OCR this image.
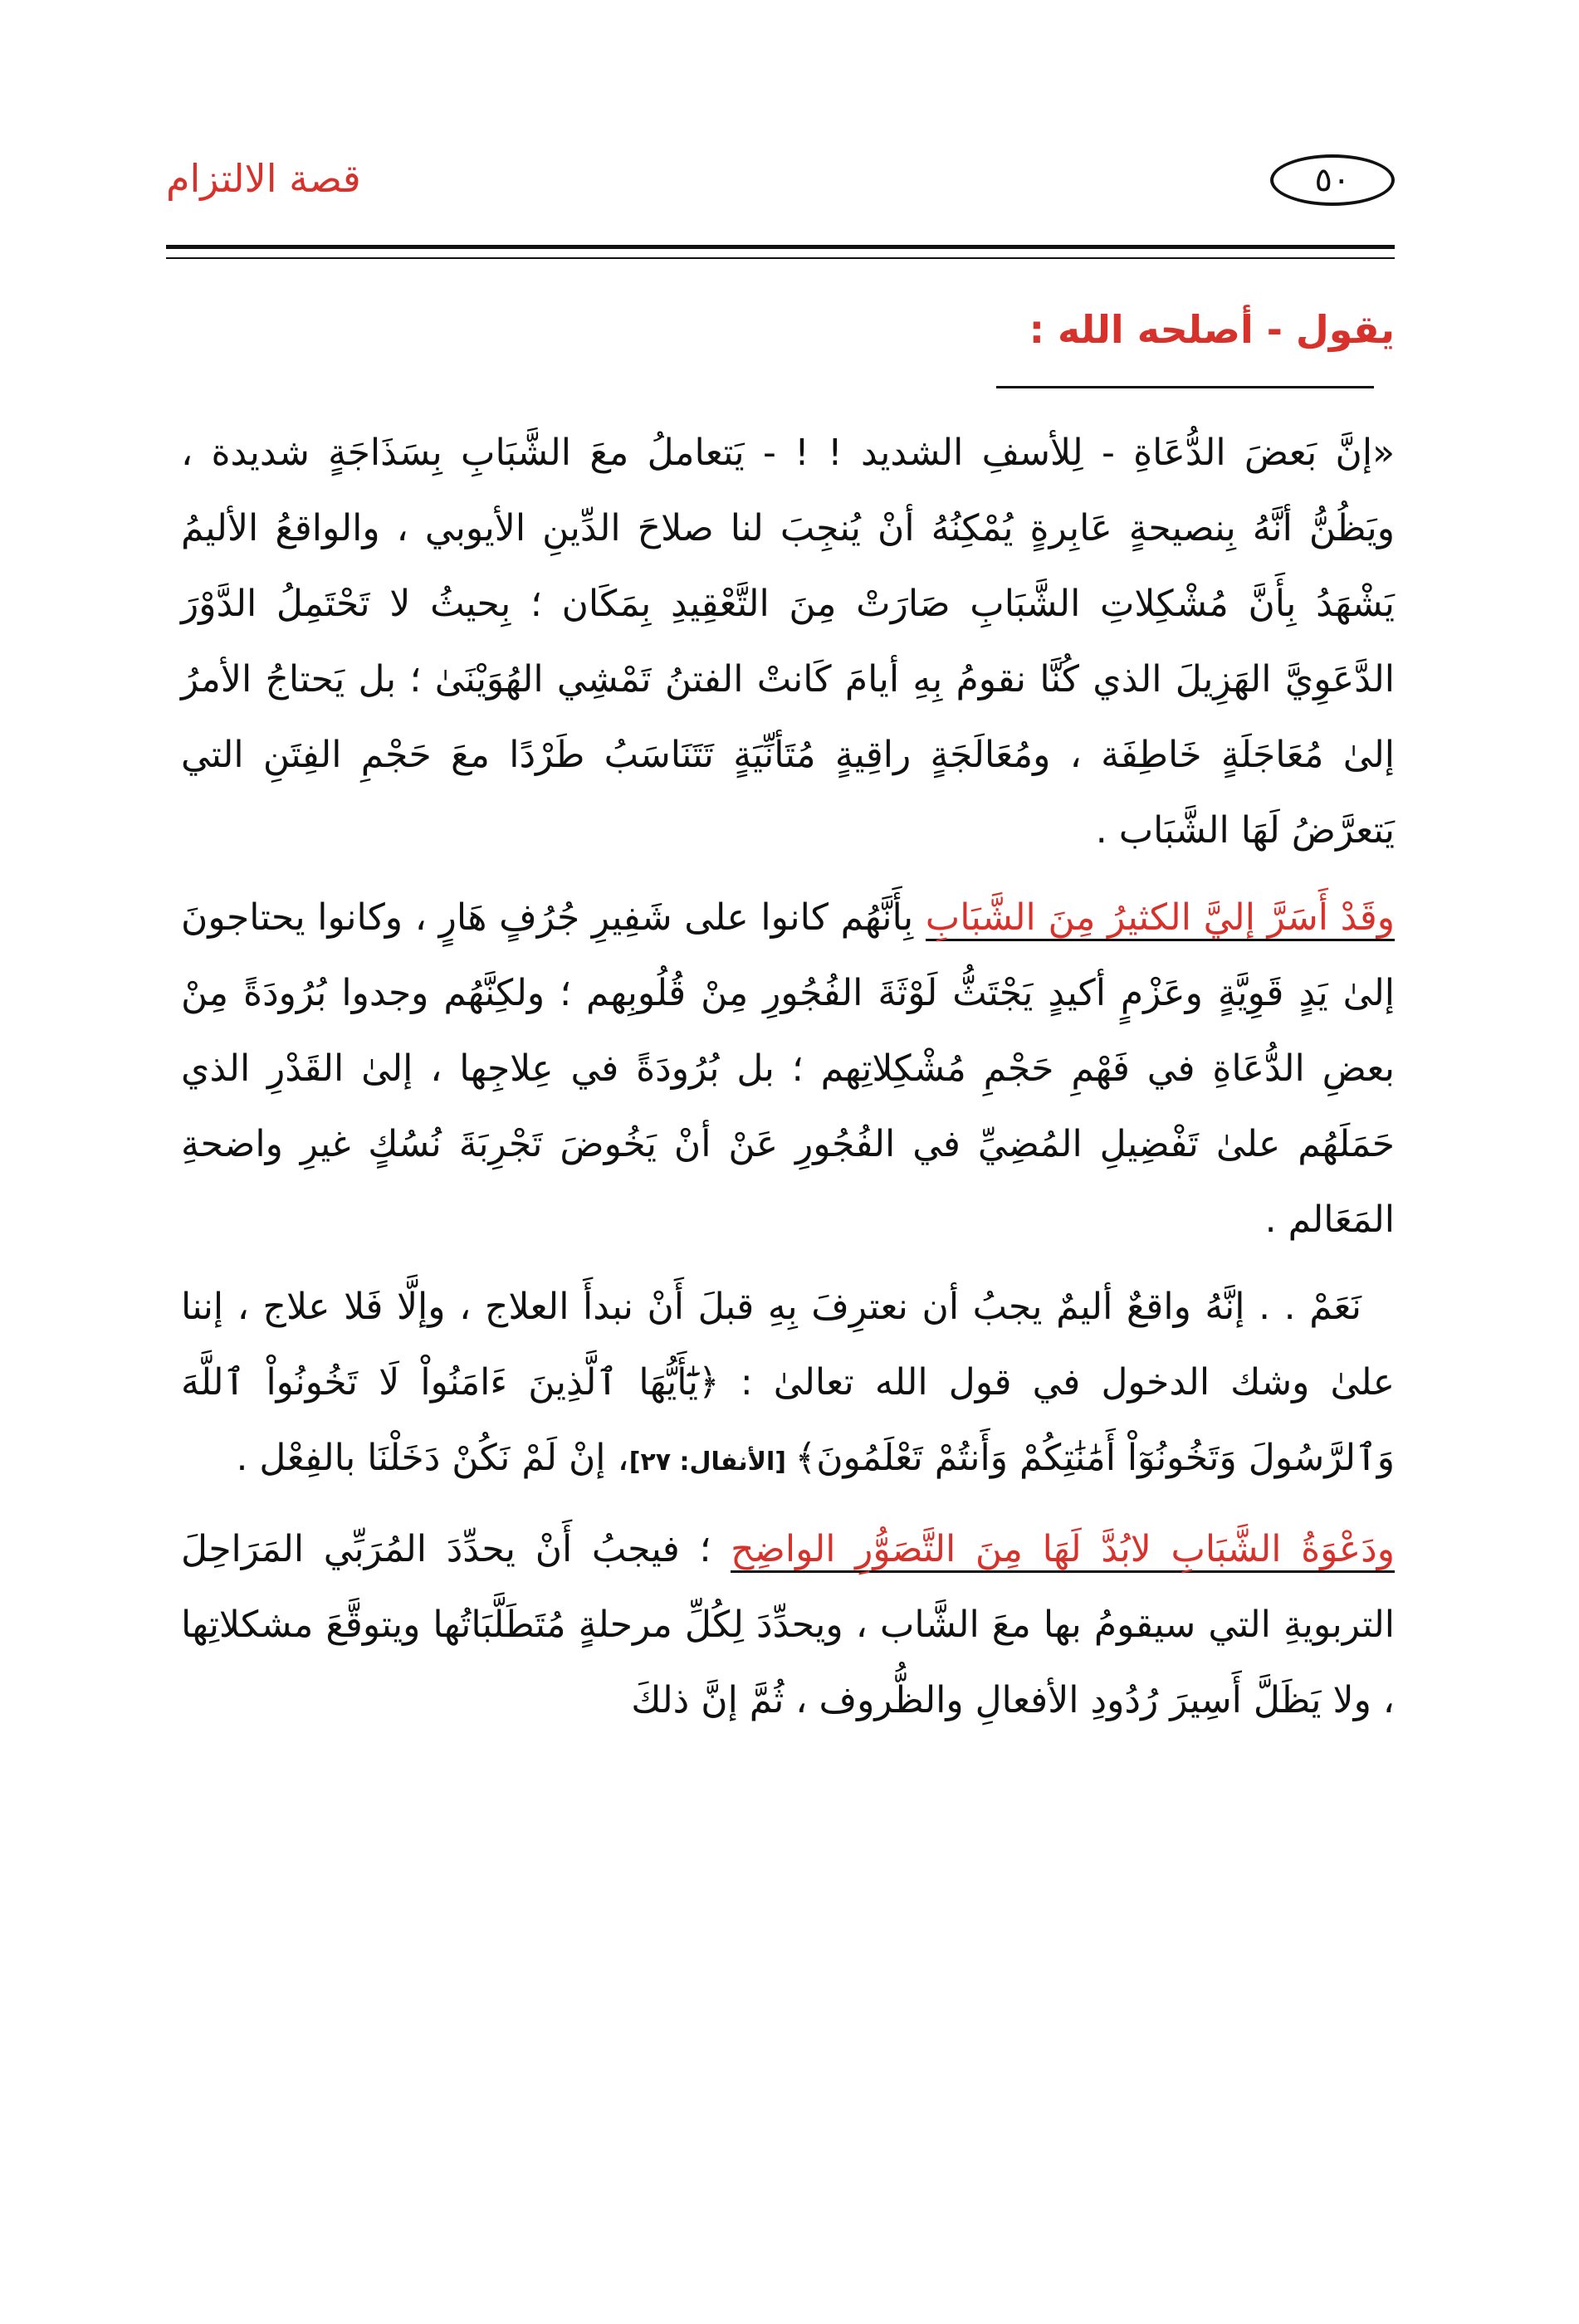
قصة الالتزام	٥٠
يقول - أصلحه الله :

«إنَّ بَعضَ الدُّعَاةِ - لِلأسفِ الشديد ! ! - يَتعاملُ معَ الشَّبَابِ بِسَذَاجَةٍ شديدة ، ويَظُنُّ أنَّهُ بِنصيحةٍ عَابِرةٍ يُمْكِنُهُ أنْ يُنجِبَ لنا صلاحَ الدِّينِ الأيوبي ، والواقعُ الأليمُ يَشْهَدُ بِأَنَّ مُشْكِلاتِ الشَّبَابِ صَارَتْ مِنَ التَّعْقِيدِ بِمَكَان ؛ بِحيثُ لا تَحْتَمِلُ الدَّوْرَ الدَّعَوِيَّ الهَزِيلَ الذي كُنَّا نقومُ بِهِ أيامَ كَانتْ الفتنُ تَمْشِي الهُوَيْنَىٰ ؛ بل يَحتاجُ الأمرُ إلىٰ مُعَاجَلَةٍ خَاطِفَة ، ومُعَالَجَةٍ راقِيةٍ مُتَأنِّيَةٍ تَتَنَاسَبُ طَرْدًا معَ حَجْمِ الفِتَنِ التي يَتعرَّضُ لَهَا الشَّبَاب .

وقَدْ أَسَرَّ إليَّ الكثيرُ مِنَ الشَّبَابِ بِأَنَّهُم كانوا على شَفِيرِ جُرُفٍ هَارٍ ، وكانوا يحتاجونَ إلىٰ يَدٍ قَوِيَّةٍ وعَزْمٍ أكيدٍ يَجْتَثُّ لَوْثَةَ الفُجُورِ مِنْ قُلُوبِهم ؛ ولكِنَّهُم وجدوا بُرُودَةً مِنْ بعضِ الدُّعَاةِ في فَهْمِ حَجْمِ مُشْكِلاتِهم ؛ بل بُرُودَةً في عِلاجِها ، إلىٰ القَدْرِ الذي حَمَلَهُم علىٰ تَفْضِيلِ المُضِيِّ في الفُجُورِ عَنْ أنْ يَخُوضَ تَجْرِبَةَ نُسُكٍ غيرِ واضحةِ المَعَالم .

نَعَمْ . . إنَّهُ واقعٌ أليمٌ يجبُ أن نعترِفَ بِهِ قبلَ أَنْ نبدأَ العلاج ، وإلَّا فَلا علاج ، إننا علىٰ وشك الدخول في قول الله تعالىٰ : ﴿يَٰٓأَيُّهَا ٱلَّذِينَ ءَامَنُواْ لَا تَخُونُواْ ٱللَّهَ وَٱلرَّسُولَ وَتَخُونُوٓاْ أَمَٰنَٰتِكُمْ وَأَنتُمْ تَعْلَمُونَ﴾ [الأنفال: ٢٧]، إنْ لَمْ نَكُنْ دَخَلْنَا بالفِعْل .

ودَعْوَةُ الشَّبَابِ لابُدَّ لَهَا مِنَ التَّصَوُّرِ الواضِح ؛ فيجبُ أَنْ يحدِّدَ المُرَبِّي المَرَاحِلَ التربويةِ التي سيقومُ بها معَ الشَّاب ، ويحدِّدَ لِكُلِّ مرحلةٍ مُتَطَلَّبَاتُها ويتوقَّعَ مشكلاتِها ، ولا يَظَلَّ أَسِيرَ رُدُودِ الأفعالِ والظُّروف ، ثُمَّ إنَّ ذلكَ
